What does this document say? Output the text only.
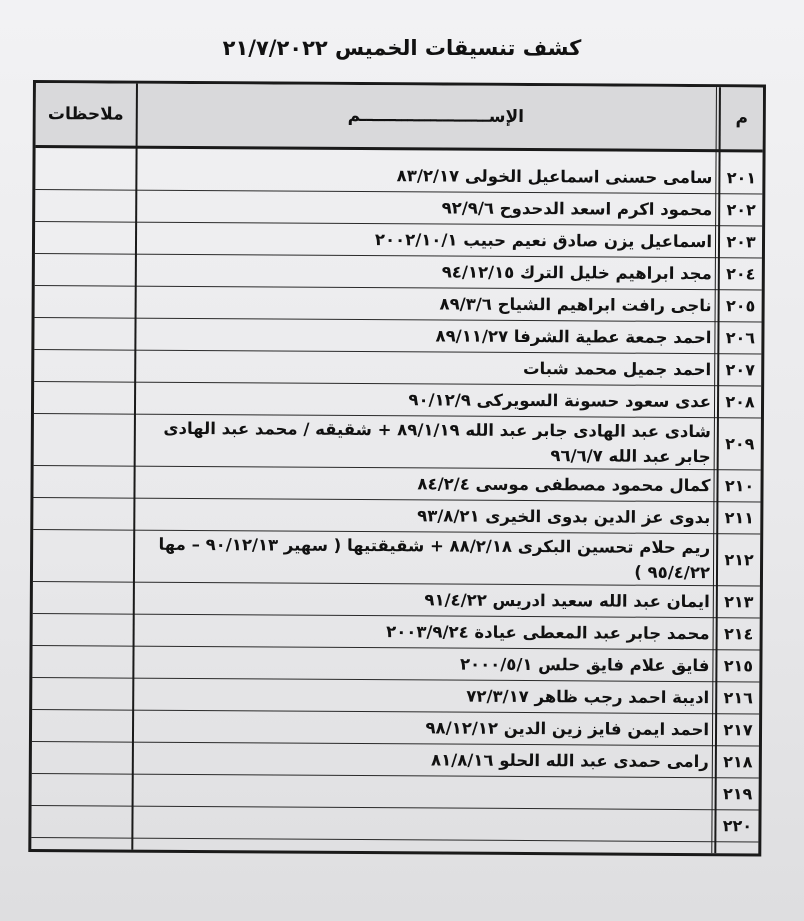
كشف تنسيقات الخميس ٢١/٧/٢٠٢٢
م
الإســــــــــــــــــــــم
ملاحظات
٢٠١
سامى حسنى اسماعيل الخولى ٨٣/٢/١٧
٢٠٢
محمود اكرم اسعد الدحدوح ٩٢/٩/٦
٢٠٣
اسماعيل يزن صادق نعيم حبيب ٢٠٠٢/١٠/١
٢٠٤
مجد ابراهيم خليل الترك ٩٤/١٢/١٥
٢٠٥
ناجى رافت ابراهيم الشياح ٨٩/٣/٦
٢٠٦
احمد جمعة عطية الشرفا ٨٩/١١/٢٧
٢٠٧
احمد جميل محمد شبات
٢٠٨
عدى سعود حسونة السويركى ٩٠/١٢/٩
٢٠٩
شادى عبد الهادى جابر عبد الله ٨٩/١/١٩ + شقيقه / محمد عبد الهادى جابر عبد الله ٩٦/٦/٧
٢١٠
كمال محمود مصطفى موسى ٨٤/٢/٤
٢١١
بدوى عز الدين بدوى الخيرى ٩٣/٨/٢١
٢١٢
ريم حلام تحسين البكرى ٨٨/٢/١٨ + شقيقتيها ( سهير ٩٠/١٢/١٣ – مها ٩٥/٤/٢٢ )
٢١٣
ايمان عبد الله سعيد ادريس ٩١/٤/٢٢
٢١٤
محمد جابر عبد المعطى عيادة ٢٠٠٣/٩/٢٤
٢١٥
فايق علام فايق حلس ٢٠٠٠/٥/١
٢١٦
اديبة احمد رجب ظاهر ٧٢/٣/١٧
٢١٧
احمد ايمن فايز زين الدين ٩٨/١٢/١٢
٢١٨
رامى حمدى عبد الله الحلو ٨١/٨/١٦
٢١٩
٢٢٠
